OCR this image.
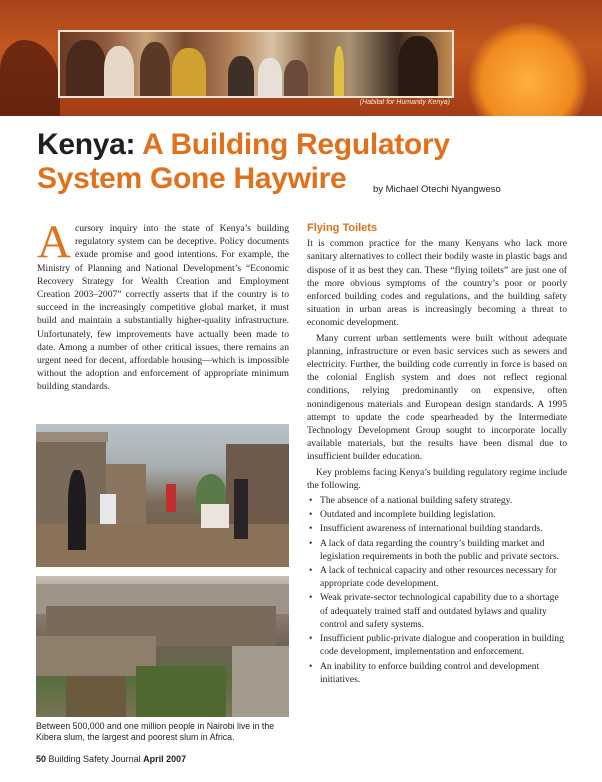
(Habitat for Humanity Kenya)
Kenya: A Building Regulatory
System Gone Haywire	by Michael Otechi Nyangweso

A cursory inquiry into the state of Kenya’s building regulatory system can be deceptive. Policy documents exude promise and good intentions. For example, the Ministry of Planning and National Development’s “Economic Recovery Strategy for Wealth Creation and Employment Creation 2003–2007” correctly asserts that if the country is to succeed in the increasingly competitive global market, it must build and maintain a substantially higher-quality infrastructure. Unfortunately, few improvements have actually been made to date. Among a number of other critical issues, there remains an urgent need for decent, affordable housing—which is impossible without the adoption and enforcement of appropriate minimum building standards.

Between 500,000 and one million people in Nairobi live in the Kibera slum, the largest and poorest slum in Africa.
Flying Toilets

It is common practice for the many Kenyans who lack more sanitary alternatives to collect their bodily waste in plastic bags and dispose of it as best they can. These “flying toilets” are just one of the more obvious symptoms of the country’s poor or poorly enforced building codes and regulations, and the building safety situation in urban areas is increasingly becoming a threat to economic development.

Many current urban settlements were built without adequate planning, infrastructure or even basic services such as sewers and electricity. Further, the building code currently in force is based on the colonial English system and does not reflect regional conditions, relying predominantly on expensive, often nonindigenous materials and European design standards. A 1995 attempt to update the code spearheaded by the Intermediate Technology Development Group sought to incorporate locally available materials, but the results have been dismal due to insufficient builder education.

Key problems facing Kenya’s building regulatory regime include the following.

• The absence of a national building safety strategy.
• Outdated and incomplete building legislation.
• Insufficient awareness of international building standards.
• A lack of data regarding the country’s building market and legislation requirements in both the public and private sectors.
• A lack of technical capacity and other resources necessary for appropriate code development.
• Weak private-sector technological capability due to a shortage of adequately trained staff and outdated bylaws and quality control and safety systems.
• Insufficient public-private dialogue and cooperation in building code development, implementation and enforcement.
• An inability to enforce building control and development initiatives.
50 Building Safety Journal April 2007
